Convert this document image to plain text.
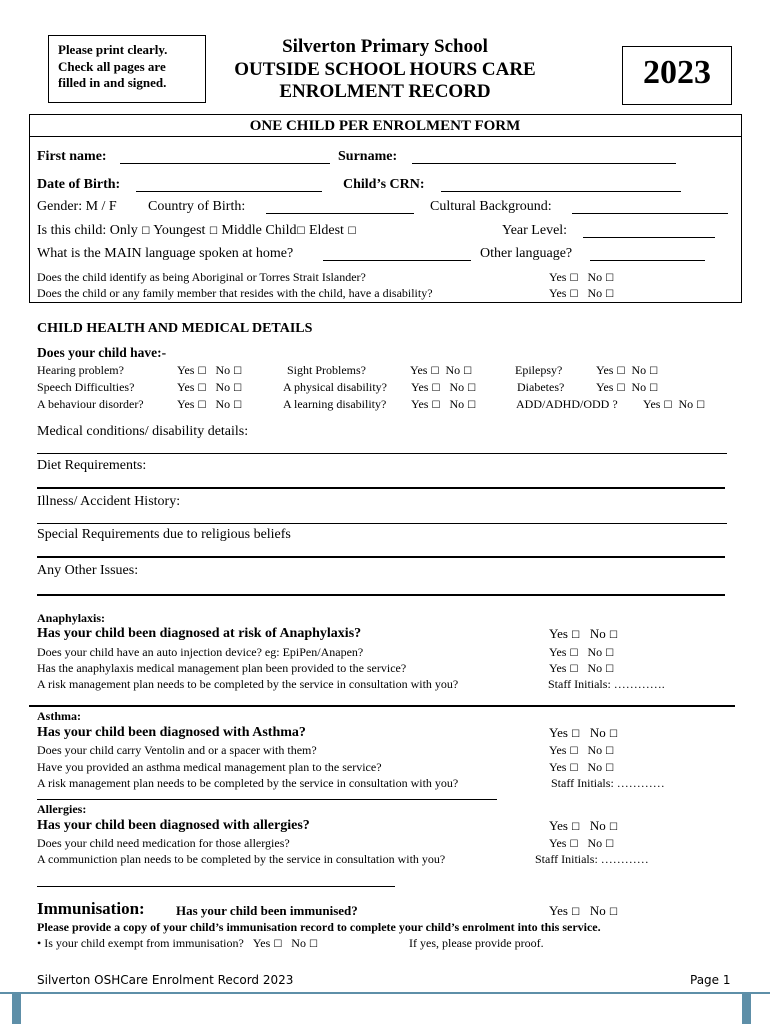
Please print clearly.
Check all pages are
filled in and signed.
Silverton Primary School
OUTSIDE SCHOOL HOURS CARE
ENROLMENT RECORD
2023
ONE CHILD PER ENROLMENT FORM
First name:	Surname:
Date of Birth:	Child’s CRN:
Gender: M / F Country of Birth:	Cultural Background:
Is this child: Only ☐ Youngest ☐ Middle Child☐ Eldest ☐	Year Level:
What is the MAIN language spoken at home?	Other language?
Does the child identify as being Aboriginal or Torres Strait Islander?	Yes ☐ No ☐
Does the child or any family member that resides with the child, have a disability?	Yes ☐ No ☐
CHILD HEALTH AND MEDICAL DETAILS
Does your child have:-
Hearing problem?	Yes ☐ No ☐	Sight Problems?	Yes ☐ No ☐	Epilepsy?	Yes ☐ No ☐
Speech Difficulties?	Yes ☐ No ☐	A physical disability? Yes ☐ No ☐	Diabetes?	Yes ☐ No ☐
A behaviour disorder?	Yes ☐ No ☐	A learning disability? Yes ☐ No ☐	ADD/ADHD/ODD ? Yes ☐ No ☐
Medical conditions/ disability details:
Diet Requirements:
Illness/ Accident History:
Special Requirements due to religious beliefs
Any Other Issues:
Anaphylaxis:
Has your child been diagnosed at risk of Anaphylaxis?	Yes ☐ No ☐
Does your child have an auto injection device? eg: EpiPen/Anapen?	Yes ☐ No ☐
Has the anaphylaxis medical management plan been provided to the service?	Yes ☐ No ☐
A risk management plan needs to be completed by the service in consultation with you?	Staff Initials: ………….
Asthma:
Has your child been diagnosed with Asthma?	Yes ☐ No ☐
Does your child carry Ventolin and or a spacer with them?	Yes ☐ No ☐
Have you provided an asthma medical management plan to the service?	Yes ☐ No ☐
A risk management plan needs to be completed by the service in consultation with you?	Staff Initials: …………
Allergies:
Has your child been diagnosed with allergies?	Yes ☐ No ☐
Does your child need medication for those allergies?	Yes ☐ No ☐
A communiction plan needs to be completed by the service in consultation with you?	Staff Initials: …………
Immunisation: Has your child been immunised?	Yes ☐ No ☐
Please provide a copy of your child’s immunisation record to complete your child’s enrolment into this service.
• Is your child exempt from immunisation? Yes ☐ No ☐	If yes, please provide proof.
Silverton OSHCare Enrolment Record 2023	Page 1
